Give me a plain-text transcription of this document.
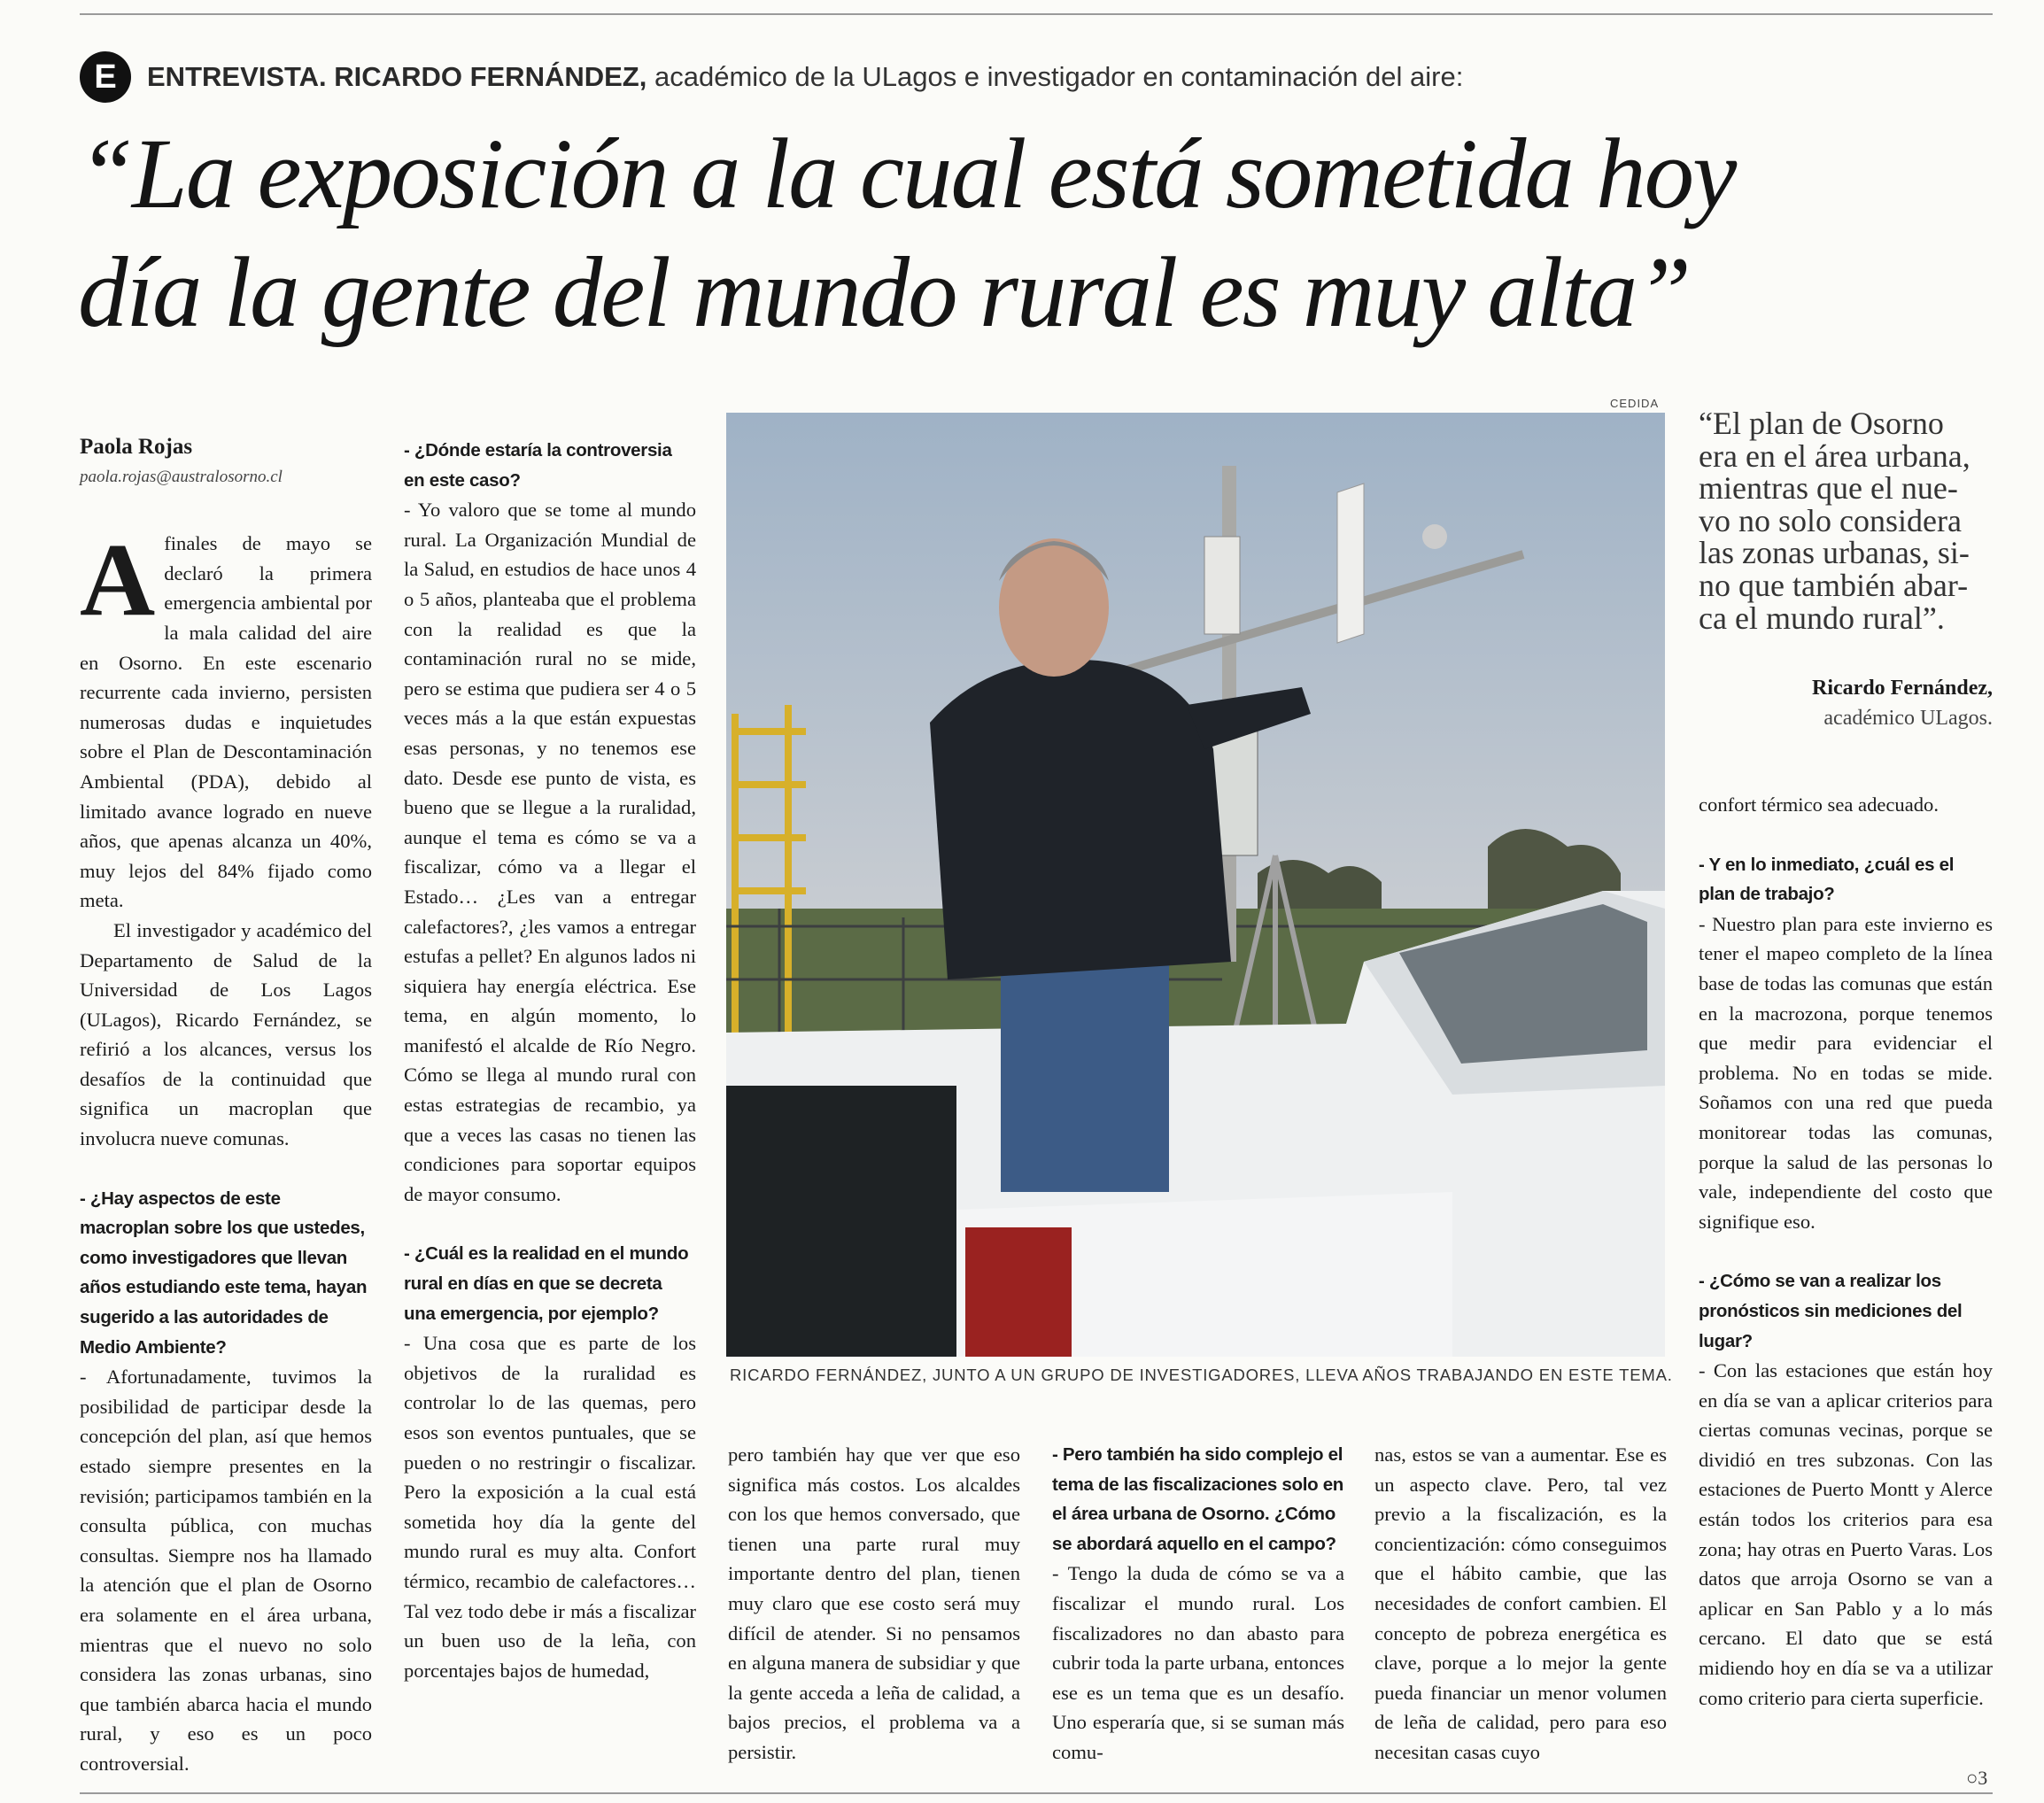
E	ENTREVISTA. RICARDO FERNÁNDEZ, académico de la ULagos e investigador en contaminación del aire:
“La exposición a la cual está sometida hoy
día la gente del mundo rural es muy alta”
Paola Rojas
paola.rojas@australosorno.cl

Afinales de mayo se declaró la primera emergencia ambiental por la mala calidad del aire en Osorno. En este escenario recurrente cada invierno, persisten numerosas dudas e inquietudes sobre el Plan de Descontaminación Ambiental (PDA), debido al limitado avance logrado en nueve años, que apenas alcanza un 40%, muy lejos del 84% fijado como meta.

El investigador y académico del Departamento de Salud de la Universidad de Los Lagos (ULagos), Ricardo Fernández, se refirió a los alcances, versus los desafíos de la continuidad que significa un macroplan que involucra nueve comunas.

- ¿Hay aspectos de este macroplan sobre los que ustedes, como investigadores que llevan años estudiando este tema, hayan sugerido a las autoridades de Medio Ambiente?

- Afortunadamente, tuvimos la posibilidad de participar desde la concepción del plan, así que hemos estado siempre presentes en la revisión; participamos también en la consulta pública, con muchas consultas. Siempre nos ha llamado la atención que el plan de Osorno era solamente en el área urbana, mientras que el nuevo no solo considera las zonas urbanas, sino que también abarca hacia el mundo rural, y eso es un poco controversial.

- ¿Dónde estaría la controversia en este caso?

- Yo valoro que se tome al mundo rural. La Organización Mundial de la Salud, en estudios de hace unos 4 o 5 años, planteaba que el problema con la realidad es que la contaminación rural no se mide, pero se estima que pudiera ser 4 o 5 veces más a la que están expuestas esas personas, y no tenemos ese dato. Desde ese punto de vista, es bueno que se llegue a la ruralidad, aunque el tema es cómo se va a fiscalizar, cómo va a llegar el Estado… ¿Les van a entregar calefactores?, ¿les vamos a entregar estufas a pellet? En algunos lados ni siquiera hay energía eléctrica. Ese tema, en algún momento, lo manifestó el alcalde de Río Negro. Cómo se llega al mundo rural con estas estrategias de recambio, ya que a veces las casas no tienen las condiciones para soportar equipos de mayor consumo.

- ¿Cuál es la realidad en el mundo rural en días en que se decreta una emergencia, por ejemplo?

- Una cosa que es parte de los objetivos de la ruralidad es controlar lo de las quemas, pero esos son eventos puntuales, que se pueden o no restringir o fiscalizar. Pero la exposición a la cual está sometida hoy día la gente del mundo rural es muy alta. Confort térmico, recambio de calefactores…Tal vez todo debe ir más a fiscalizar un buen uso de la leña, con porcentajes bajos de humedad,

CEDIDA
RICARDO FERNÁNDEZ, JUNTO A UN GRUPO DE INVESTIGADORES, LLEVA AÑOS TRABAJANDO EN ESTE TEMA.
“El plan de Osorno
era en el área urbana,
mientras que el nue-
vo no solo considera
las zonas urbanas, si-
no que también abar-
ca el mundo rural”.
Ricardo Fernández,
académico ULagos.

pero también hay que ver que eso significa más costos. Los alcaldes con los que hemos conversado, que tienen una parte rural muy importante dentro del plan, tienen muy claro que ese costo será muy difícil de atender. Si no pensamos en alguna manera de subsidiar y que la gente acceda a leña de calidad, a bajos precios, el problema va a persistir.

- Pero también ha sido complejo el tema de las fiscalizaciones solo en el área urbana de Osorno. ¿Cómo se abordará aquello en el campo?

- Tengo la duda de cómo se va a fiscalizar el mundo rural. Los fiscalizadores no dan abasto para cubrir toda la parte urbana, entonces ese es un tema que es un desafío. Uno esperaría que, si se suman más comu-

nas, estos se van a aumentar. Ese es un aspecto clave. Pero, tal vez previo a la fiscalización, es la concientización: cómo conseguimos que el hábito cambie, que las necesidades de confort cambien. El concepto de pobreza energética es clave, porque a lo mejor la gente pueda financiar un menor volumen de leña de calidad, pero para eso necesitan casas cuyo

confort térmico sea adecuado.

- Y en lo inmediato, ¿cuál es el plan de trabajo?

- Nuestro plan para este invierno es tener el mapeo completo de la línea base de todas las comunas que están en la macrozona, porque tenemos que medir para evidenciar el problema. No en todas se mide. Soñamos con una red que pueda monitorear todas las comunas, porque la salud de las personas lo vale, independiente del costo que signifique eso.

- ¿Cómo se van a realizar los pronósticos sin mediciones del lugar?

- Con las estaciones que están hoy en día se van a aplicar criterios para ciertas comunas vecinas, porque se dividió en tres subzonas. Con las estaciones de Puerto Montt y Alerce están todos los criterios para esa zona; hay otras en Puerto Varas. Los datos que arroja Osorno se van a aplicar en San Pablo y a lo más cercano. El dato que se está midiendo hoy en día se va a utilizar como criterio para cierta superficie.

○3
